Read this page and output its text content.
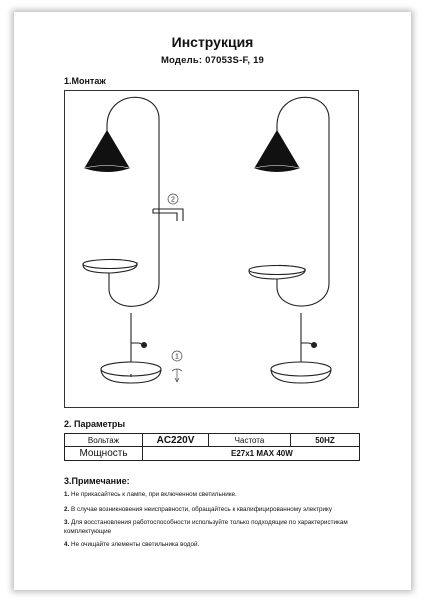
Инструкция
Модель: 07053S-F, 19
1.Монтаж
2
1
2. Параметры
Вольтаж	AC220V	Частота	50HZ
Мощность	E27x1 MAX 40W		
3.Примечание:
1. Не прикасайтесь к лампе, при включенном светильнике.
2. В случае возникновения неисправности, обращайтесь к квалифицированному электрику
3. Для восстановления работоспособности используйте только подходящие по характеристикам комплектующие
4. Не очищайте элементы светильника водой.
